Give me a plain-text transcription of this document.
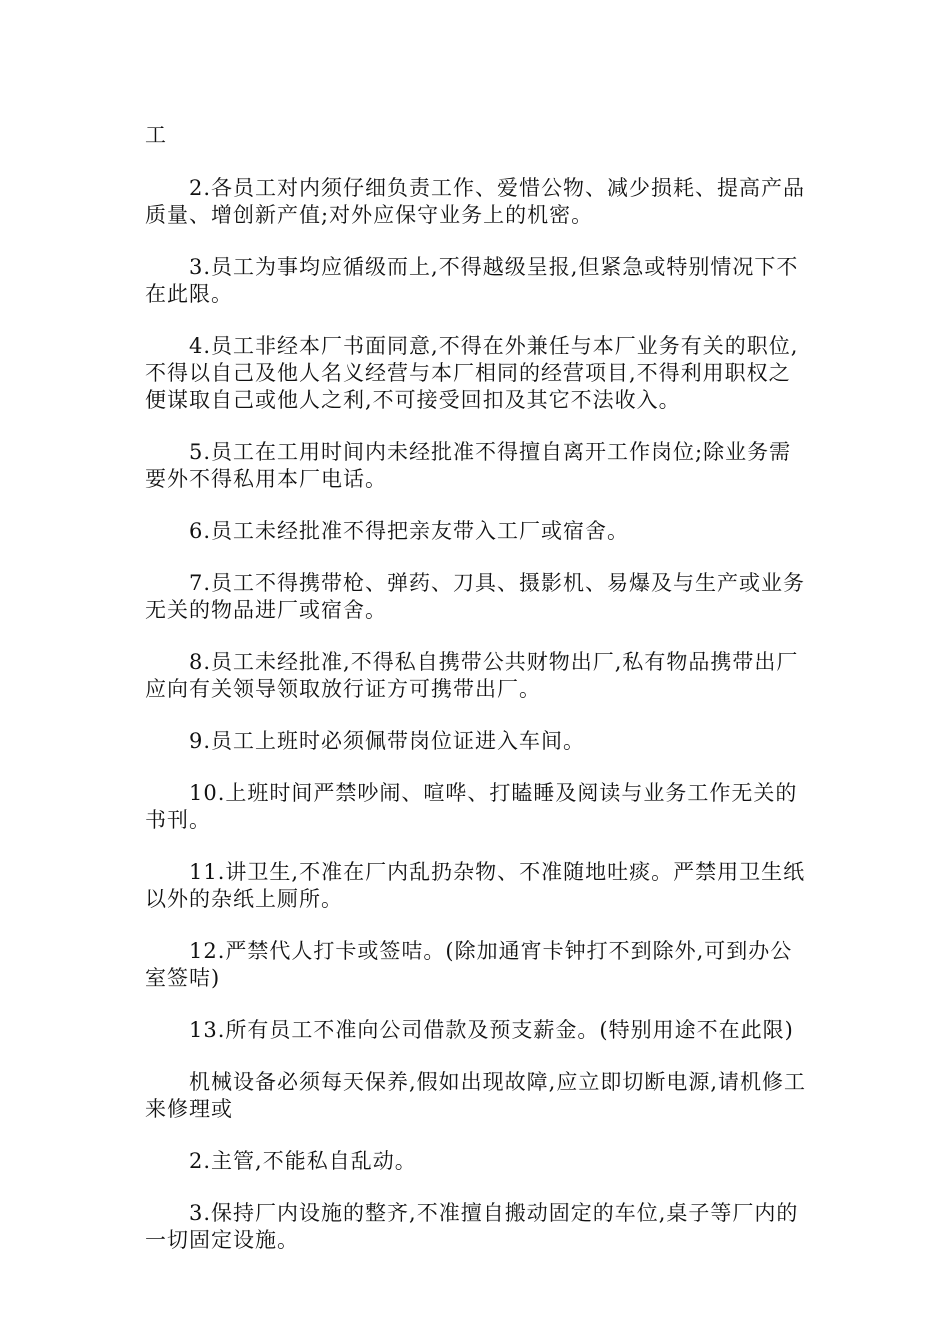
工

2.各员工对内须仔细负责工作、爱惜公物、减少损耗、提高产品质量、增创新产值;对外应保守业务上的机密。

3.员工为事均应循级而上,不得越级呈报,但紧急或特别情况下不在此限。

4.员工非经本厂书面同意,不得在外兼任与本厂业务有关的职位,不得以自己及他人名义经营与本厂相同的经营项目,不得利用职权之便谋取自己或他人之利,不可接受回扣及其它不法收入。

5.员工在工用时间内未经批准不得擅自离开工作岗位;除业务需要外不得私用本厂电话。

6.员工未经批准不得把亲友带入工厂或宿舍。

7.员工不得携带枪、弹药、刀具、摄影机、易爆及与生产或业务无关的物品进厂或宿舍。

8.员工未经批准,不得私自携带公共财物出厂,私有物品携带出厂应向有关领导领取放行证方可携带出厂。

9.员工上班时必须佩带岗位证进入车间。

10.上班时间严禁吵闹、喧哗、打瞌睡及阅读与业务工作无关的书刊。

11.讲卫生,不准在厂内乱扔杂物、不准随地吐痰。严禁用卫生纸以外的杂纸上厕所。

12.严禁代人打卡或签咭。(除加通宵卡钟打不到除外,可到办公室签咭)

13.所有员工不准向公司借款及预支薪金。(特别用途不在此限)

机械设备必须每天保养,假如出现故障,应立即切断电源,请机修工来修理或

2.主管,不能私自乱动。

3.保持厂内设施的整齐,不准擅自搬动固定的车位,桌子等厂内的一切固定设施。
